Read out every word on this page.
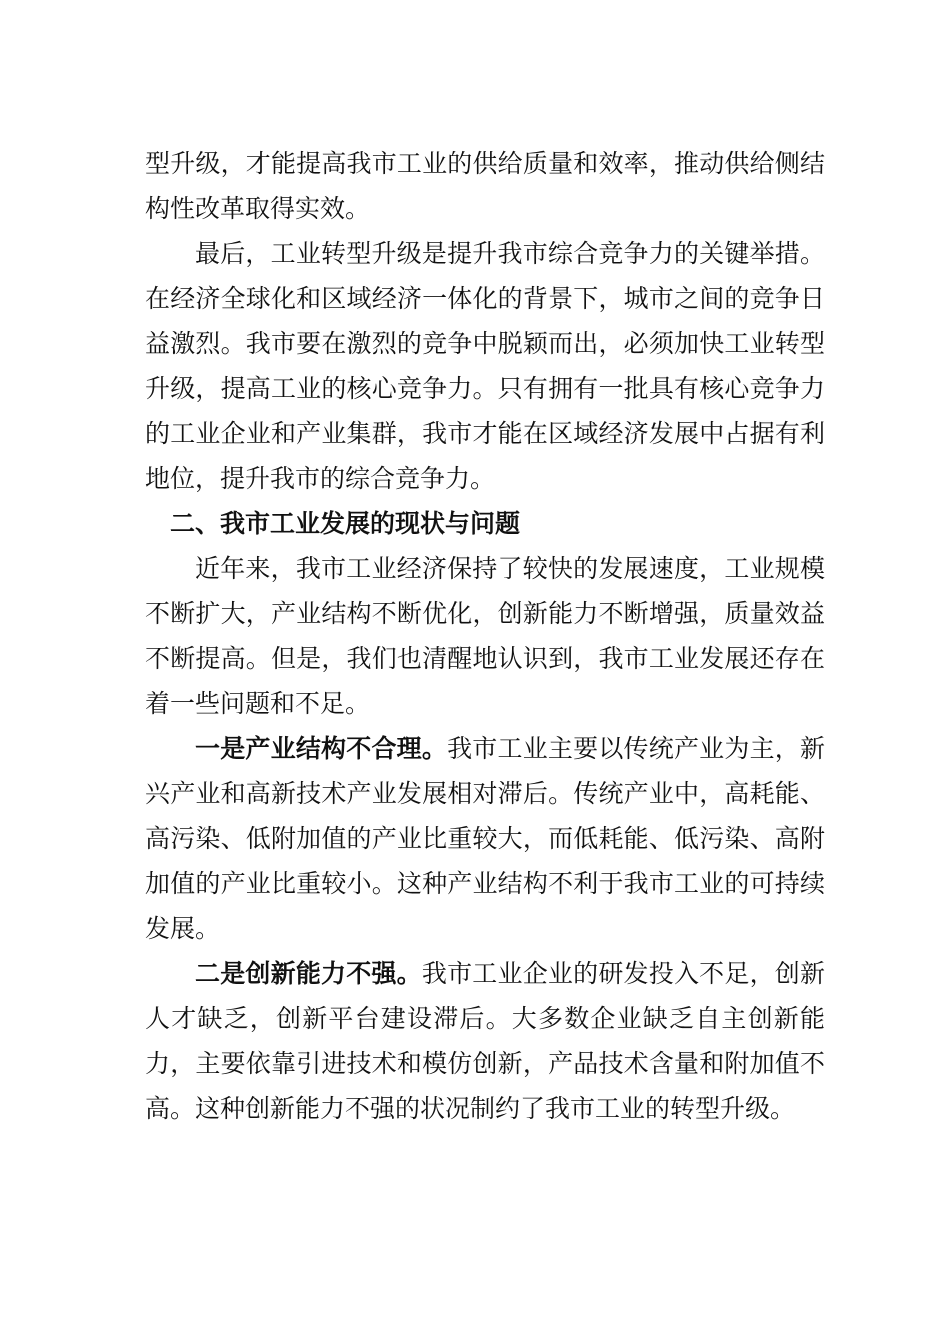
型升级，才能提高我市工业的供给质量和效率，推动供给侧结构性改革取得实效。

最后，工业转型升级是提升我市综合竞争力的关键举措。在经济全球化和区域经济一体化的背景下，城市之间的竞争日益激烈。我市要在激烈的竞争中脱颖而出，必须加快工业转型升级，提高工业的核心竞争力。只有拥有一批具有核心竞争力的工业企业和产业集群，我市才能在区域经济发展中占据有利地位，提升我市的综合竞争力。

二、我市工业发展的现状与问题

近年来，我市工业经济保持了较快的发展速度，工业规模不断扩大，产业结构不断优化，创新能力不断增强，质量效益不断提高。但是，我们也清醒地认识到，我市工业发展还存在着一些问题和不足。

一是产业结构不合理。我市工业主要以传统产业为主，新兴产业和高新技术产业发展相对滞后。传统产业中，高耗能、高污染、低附加值的产业比重较大，而低耗能、低污染、高附加值的产业比重较小。这种产业结构不利于我市工业的可持续发展。

二是创新能力不强。我市工业企业的研发投入不足，创新人才缺乏，创新平台建设滞后。大多数企业缺乏自主创新能力，主要依靠引进技术和模仿创新，产品技术含量和附加值不高。这种创新能力不强的状况制约了我市工业的转型升级。
